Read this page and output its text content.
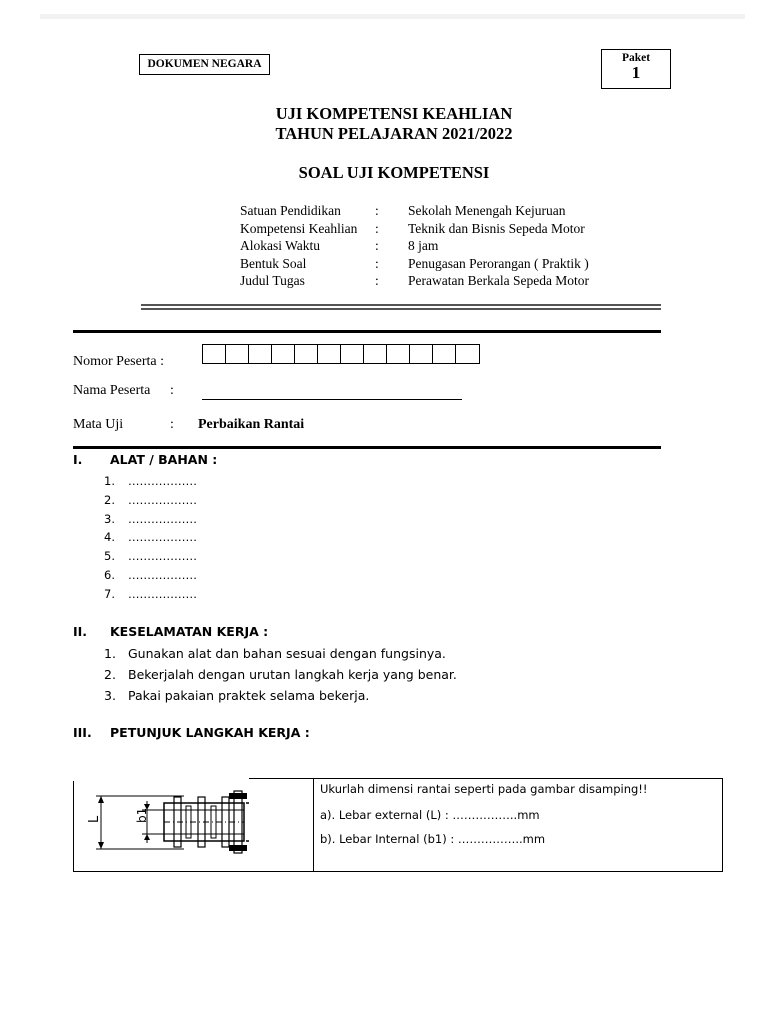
DOKUMEN NEGARA	Paket
1
UJI KOMPETENSI KEAHLIAN
TAHUN PELAJARAN 2021/2022
SOAL UJI KOMPETENSI
Satuan Pendidikan	:	Sekolah Menengah Kejuruan
Kompetensi Keahlian	:	Teknik dan Bisnis Sepeda Motor
Alokasi Waktu	:	8 jam
Bentuk Soal	:	Penugasan Perorangan ( Praktik )
Judul Tugas	:	Perawatan Berkala Sepeda Motor
Nomor Peserta :
Nama Peserta :
Mata Uji	: Perbaikan Rantai
I. ALAT / BAHAN :
1. ………………
2. ………………
3. ………………
4. ………………
5. ………………
6. ………………
7. ………………
II. KESELAMATAN KERJA :
1. Gunakan alat dan bahan sesuai dengan fungsinya.
2. Bekerjalah dengan urutan langkah kerja yang benar.
3. Pakai pakaian praktek selama bekerja.
III. PETUNJUK LANGKAH KERJA :
L	b1
Ukurlah dimensi rantai seperti pada gambar disamping!!
a). Lebar external (L) : ……………..mm
b). Lebar Internal (b1) : ……………..mm
